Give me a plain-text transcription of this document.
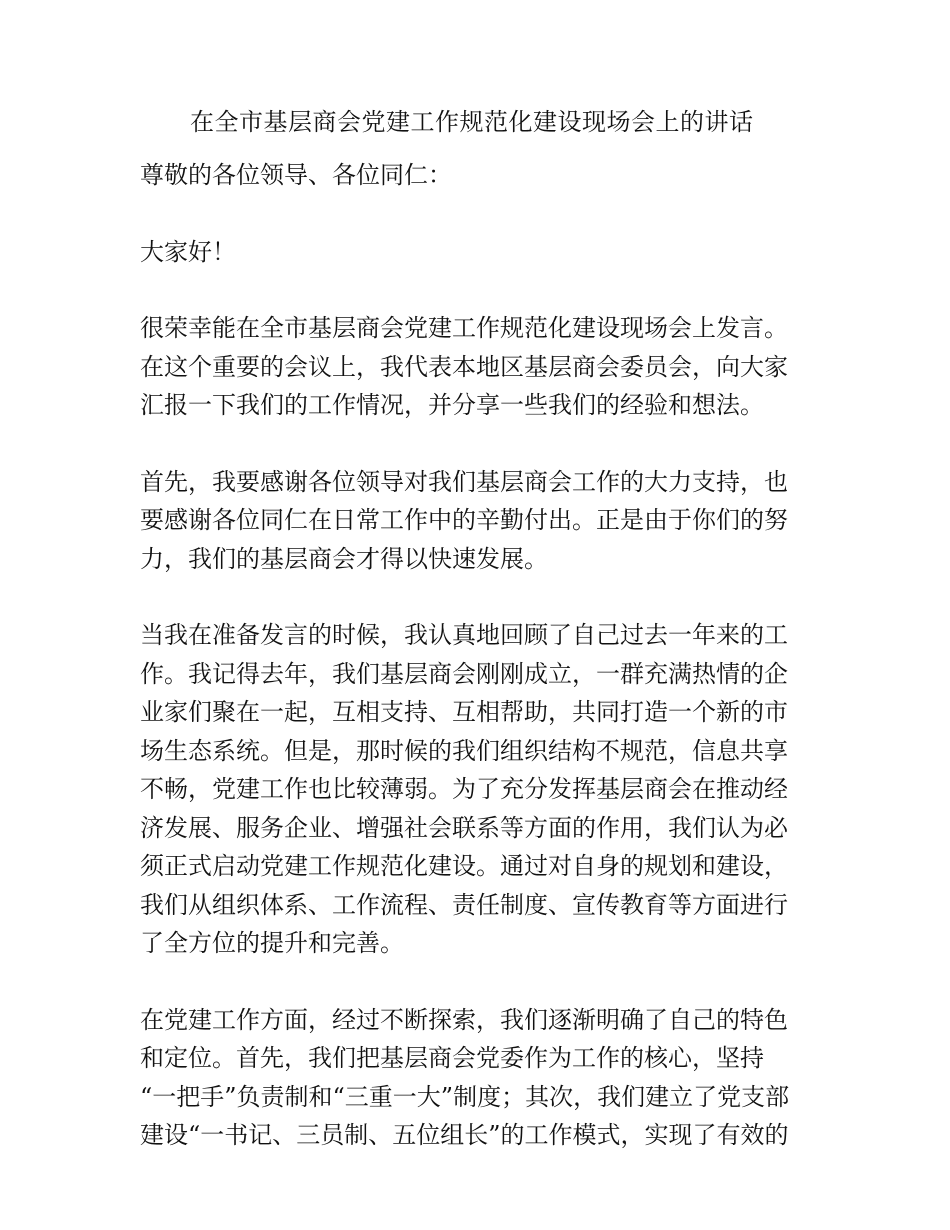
在全市基层商会党建工作规范化建设现场会上的讲话

尊敬的各位领导、各位同仁：

大家好！

很荣幸能在全市基层商会党建工作规范化建设现场会上发言。
在这个重要的会议上，我代表本地区基层商会委员会，向大家
汇报一下我们的工作情况，并分享一些我们的经验和想法。

首先，我要感谢各位领导对我们基层商会工作的大力支持，也
要感谢各位同仁在日常工作中的辛勤付出。正是由于你们的努
力，我们的基层商会才得以快速发展。

当我在准备发言的时候，我认真地回顾了自己过去一年来的工
作。我记得去年，我们基层商会刚刚成立，一群充满热情的企
业家们聚在一起，互相支持、互相帮助，共同打造一个新的市
场生态系统。但是，那时候的我们组织结构不规范，信息共享
不畅，党建工作也比较薄弱。为了充分发挥基层商会在推动经
济发展、服务企业、增强社会联系等方面的作用，我们认为必
须正式启动党建工作规范化建设。通过对自身的规划和建设，
我们从组织体系、工作流程、责任制度、宣传教育等方面进行
了全方位的提升和完善。

在党建工作方面，经过不断探索，我们逐渐明确了自己的特色
和定位。首先，我们把基层商会党委作为工作的核心，坚持
“一把手”负责制和“三重一大”制度；其次，我们建立了党支部
建设“一书记、三员制、五位组长”的工作模式，实现了有效的
